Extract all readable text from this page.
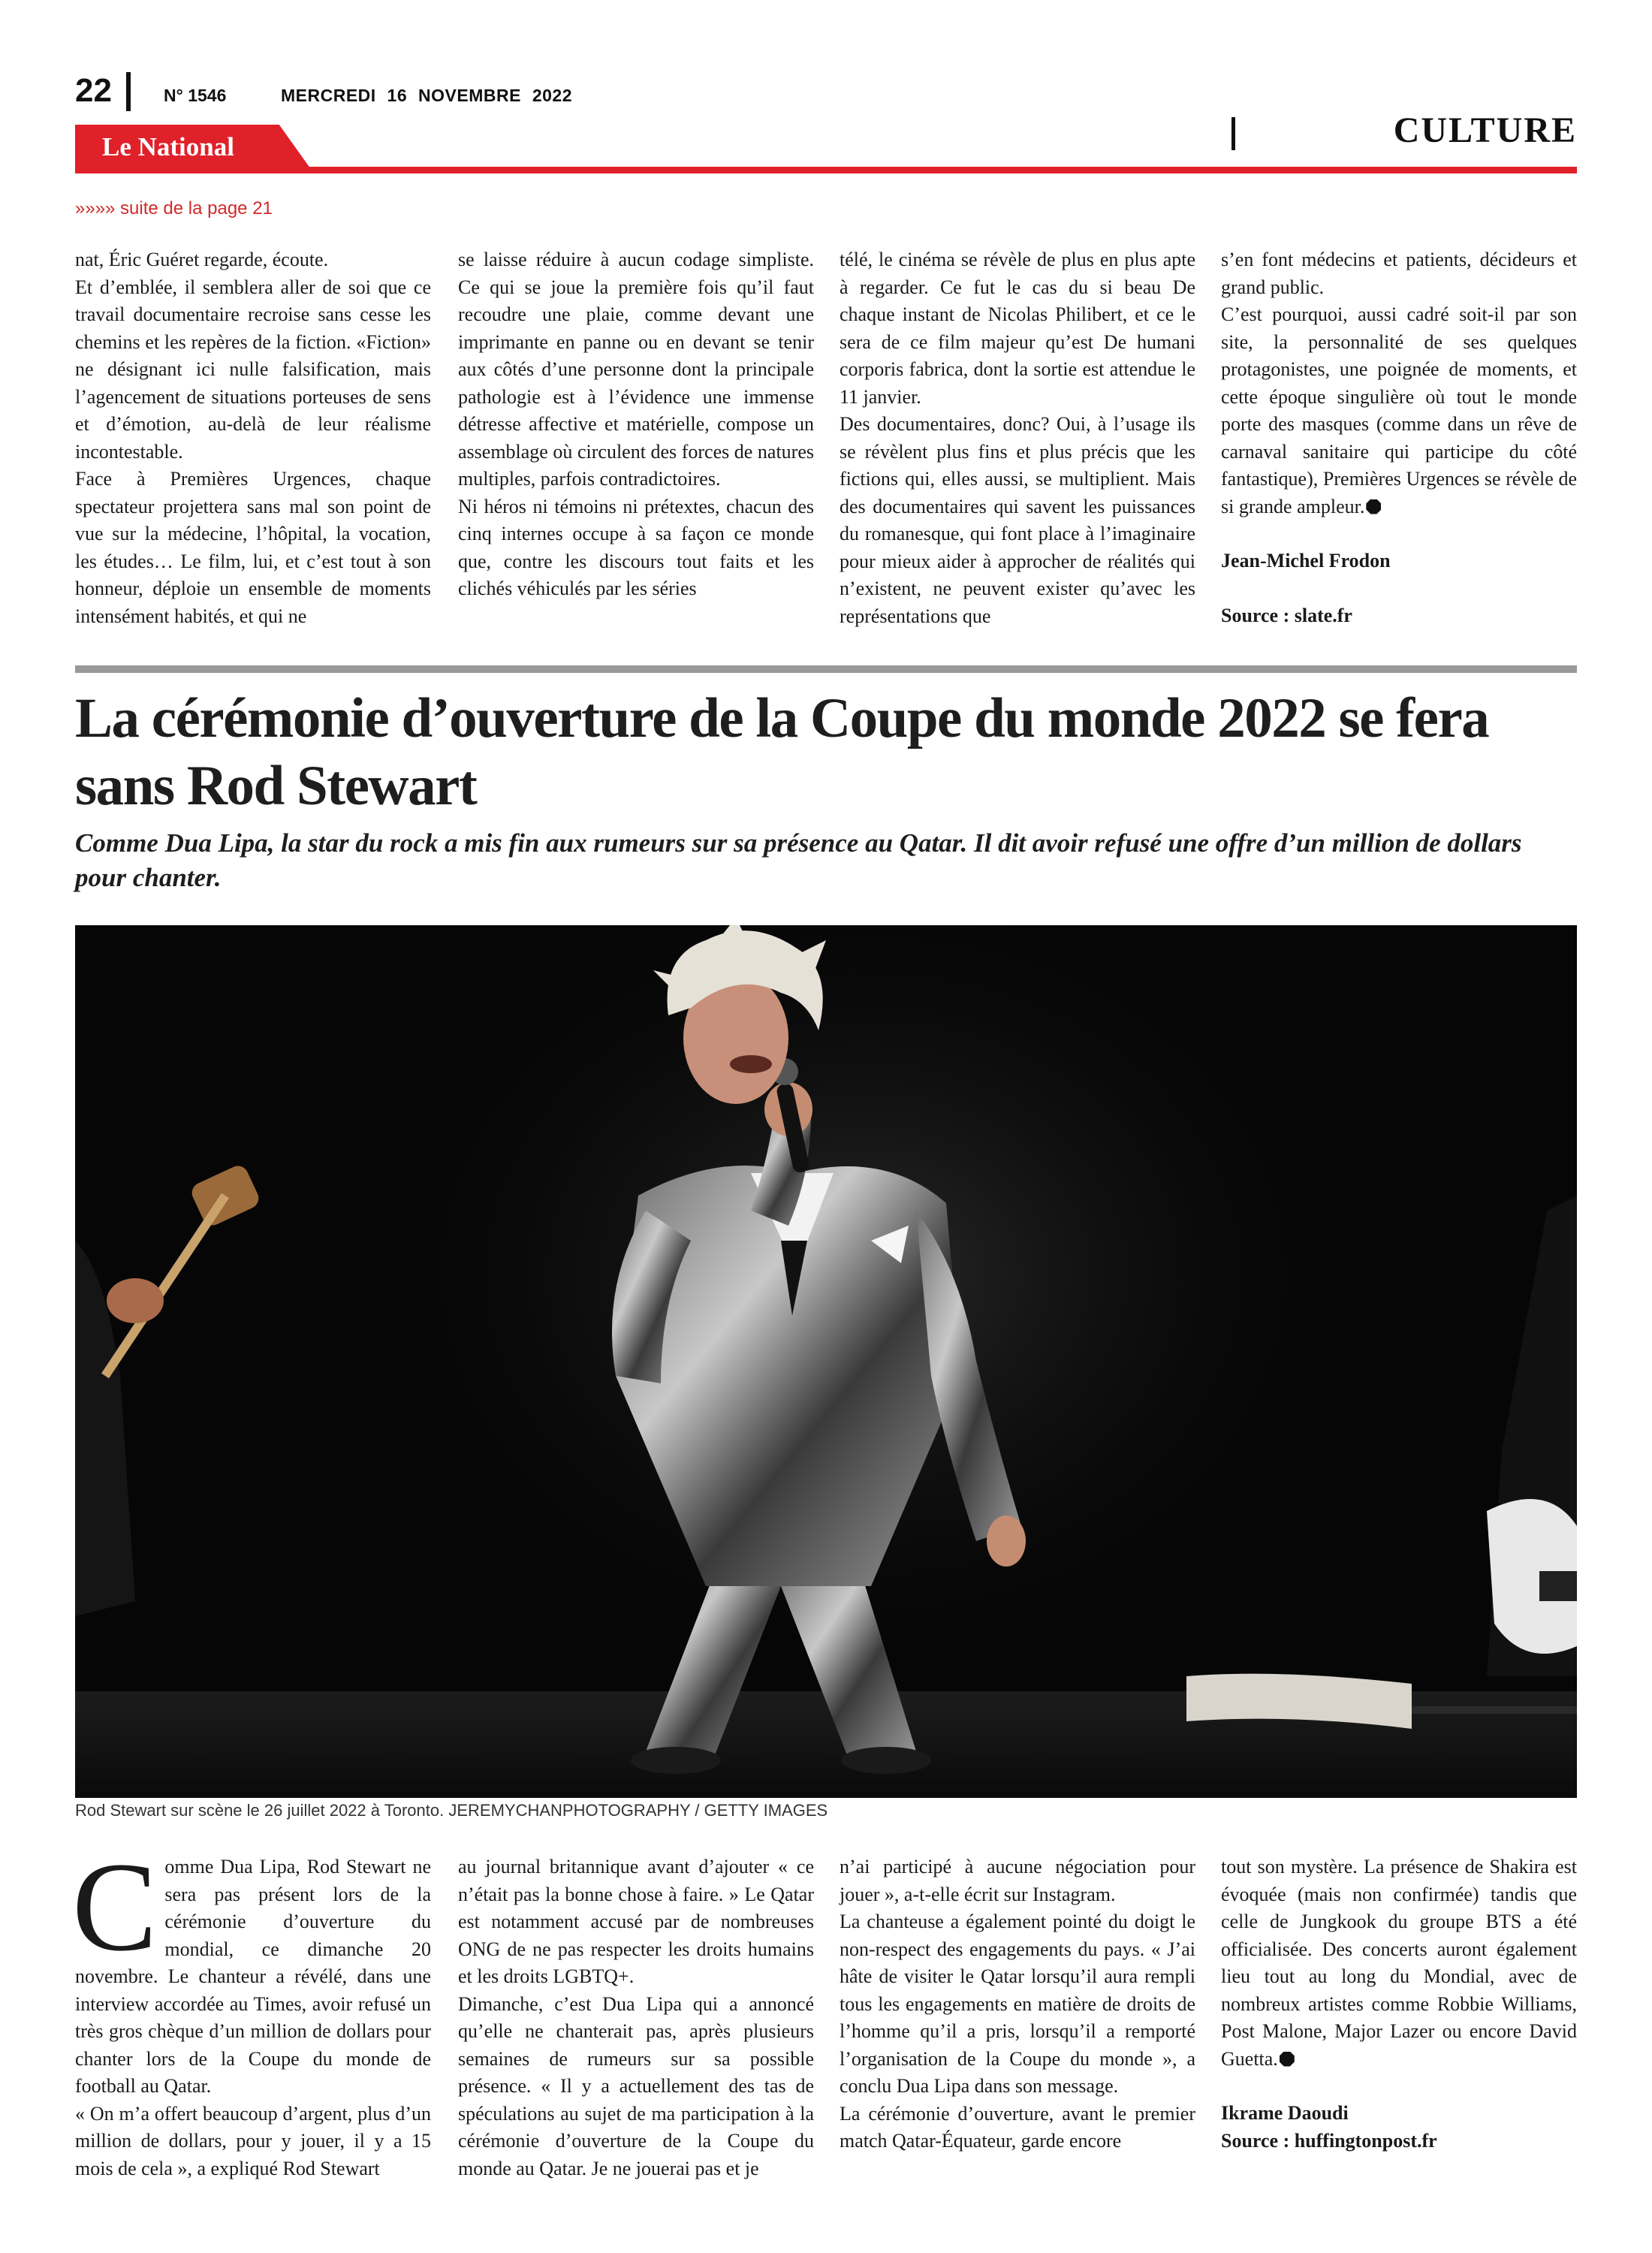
22	N° 1546	MERCREDI 16 NOVEMBRE 2022
Le National	CULTURE
»»»» suite de la page 21

nat, Éric Guéret regarde, écoute.

Et d’emblée, il semblera aller de soi que ce travail documentaire recroise sans cesse les chemins et les repères de la fiction. «Fiction» ne désignant ici nulle falsification, mais l’agencement de situations porteuses de sens et d’émotion, au-delà de leur réalisme incontestable.

Face à Premières Urgences, chaque spectateur projettera sans mal son point de vue sur la médecine, l’hôpital, la vocation, les études… Le film, lui, et c’est tout à son honneur, déploie un ensemble de moments intensément habités, et qui ne

se laisse réduire à aucun codage simpliste. Ce qui se joue la première fois qu’il faut recoudre une plaie, comme devant une imprimante en panne ou en devant se tenir aux côtés d’une personne dont la principale pathologie est à l’évidence une immense détresse affective et matérielle, compose un assemblage où circulent des forces de natures multiples, parfois contradictoires.

Ni héros ni témoins ni prétextes, chacun des cinq internes occupe à sa façon ce monde que, contre les discours tout faits et les clichés véhiculés par les séries

télé, le cinéma se révèle de plus en plus apte à regarder. Ce fut le cas du si beau De chaque instant de Nicolas Philibert, et ce le sera de ce film majeur qu’est De humani corporis fabrica, dont la sortie est attendue le 11 janvier.

Des documentaires, donc? Oui, à l’usage ils se révèlent plus fins et plus précis que les fictions qui, elles aussi, se multiplient. Mais des documentaires qui savent les puissances du romanesque, qui font place à l’imaginaire pour mieux aider à approcher de réalités qui n’existent, ne peuvent exister qu’avec les représentations que

s’en font médecins et patients, décideurs et grand public.

C’est pourquoi, aussi cadré soit-il par son site, la personnalité de ses quelques protagonistes, une poignée de moments, et cette époque singulière où tout le monde porte des masques (comme dans un rêve de carnaval sanitaire qui participe du côté fantastique), Premières Urgences se révèle de si grande ampleur.

Jean-Michel Frodon

Source : slate.fr

La cérémonie d’ouverture de la Coupe du monde 2022 se fera sans Rod Stewart
Comme Dua Lipa, la star du rock a mis fin aux rumeurs sur sa présence au Qatar. Il dit avoir refusé une offre d’un million de dollars pour chanter.
Rod Stewart sur scène le 26 juillet 2022 à Toronto. JEREMYCHANPHOTOGRAPHY / GETTY IMAGES

Comme Dua Lipa, Rod Stewart ne sera pas présent lors de la cérémonie d’ouverture du mondial, ce dimanche 20 novembre. Le chanteur a révélé, dans une interview accordée au Times, avoir refusé un très gros chèque d’un million de dollars pour chanter lors de la Coupe du monde de football au Qatar.

« On m’a offert beaucoup d’argent, plus d’un million de dollars, pour y jouer, il y a 15 mois de cela », a expliqué Rod Stewart

au journal britannique avant d’ajouter « ce n’était pas la bonne chose à faire. » Le Qatar est notamment accusé par de nombreuses ONG de ne pas respecter les droits humains et les droits LGBTQ+.

Dimanche, c’est Dua Lipa qui a annoncé qu’elle ne chanterait pas, après plusieurs semaines de rumeurs sur sa possible présence. « Il y a actuellement des tas de spéculations au sujet de ma participation à la cérémonie d’ouverture de la Coupe du monde au Qatar. Je ne jouerai pas et je

n’ai participé à aucune négociation pour jouer », a-t-elle écrit sur Instagram.

La chanteuse a également pointé du doigt le non-respect des engagements du pays. « J’ai hâte de visiter le Qatar lorsqu’il aura rempli tous les engagements en matière de droits de l’homme qu’il a pris, lorsqu’il a remporté l’organisation de la Coupe du monde », a conclu Dua Lipa dans son message.

La cérémonie d’ouverture, avant le premier match Qatar-Équateur, garde encore

tout son mystère. La présence de Shakira est évoquée (mais non confirmée) tandis que celle de Jungkook du groupe BTS a été officialisée. Des concerts auront également lieu tout au long du Mondial, avec de nombreux artistes comme Robbie Williams, Post Malone, Major Lazer ou encore David Guetta.

Ikrame Daoudi

Source : huffingtonpost.fr
